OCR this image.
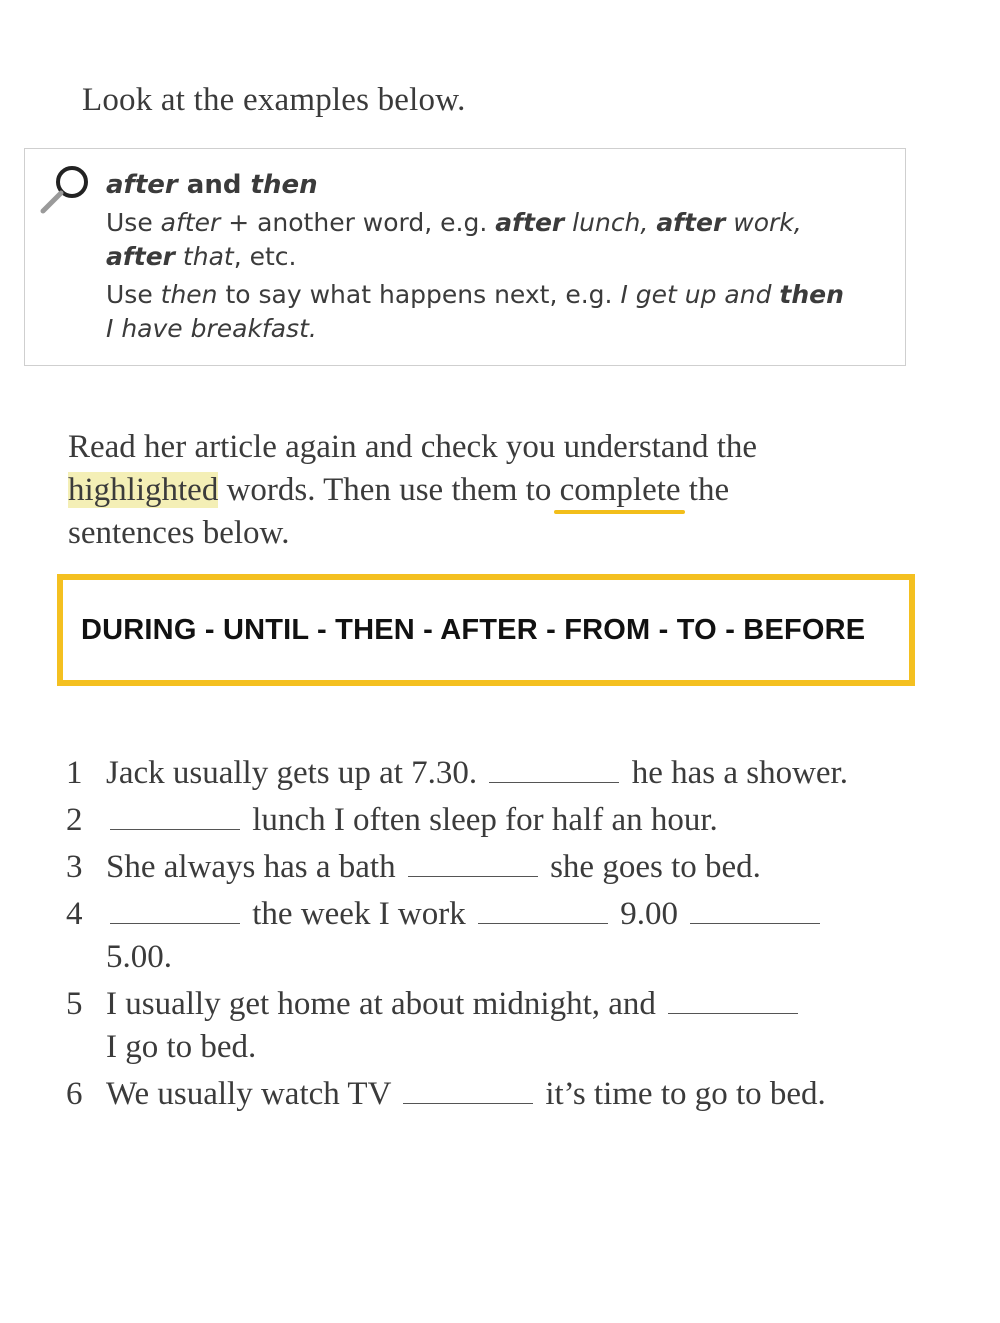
Look at the examples below.
after and then
Use after + another word, e.g. after lunch, after work,
after that, etc.
Use then to say what happens next, e.g. I get up and then
I have breakfast.
Read her article again and check you understand the
highlighted words. Then use them to complete the
sentences below.
DURING - UNTIL - THEN - AFTER - FROM - TO - BEFORE
1 Jack usually gets up at 7.30.	he has a shower.
2	lunch I often sleep for half an hour.
3 She always has a bath	she goes to bed.
4	the week I work	9.00
5.00.
5 I usually get home at about midnight, and
I go to bed.
6 We usually watch TV	it’s time to go to bed.
